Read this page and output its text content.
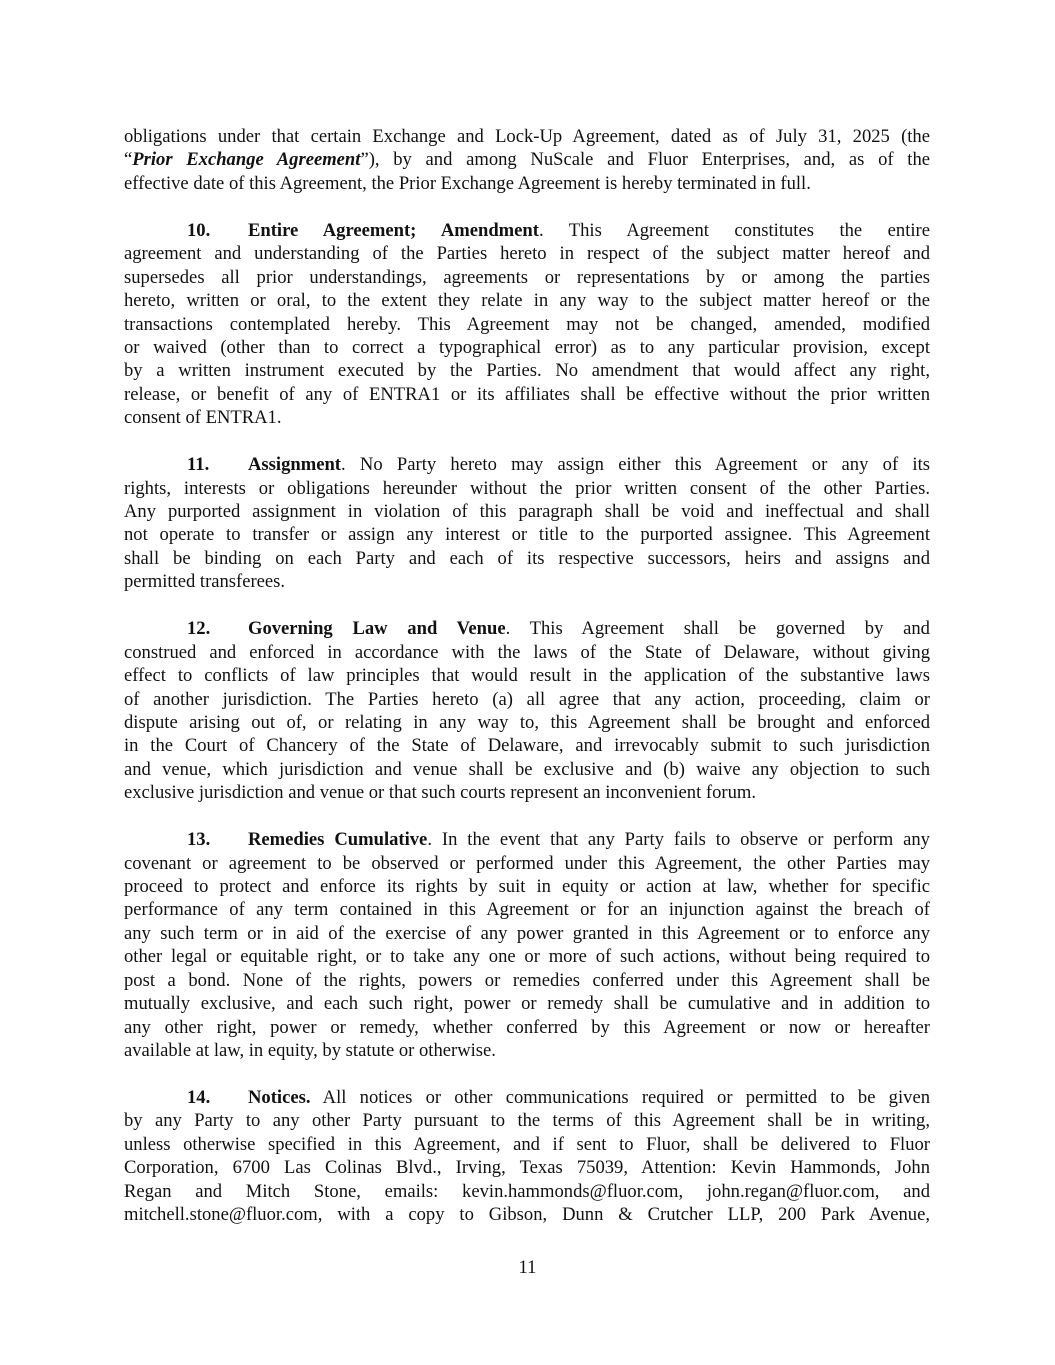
obligations under that certain Exchange and Lock-Up Agreement, dated as of July 31, 2025 (the
“Prior Exchange Agreement”), by and among NuScale and Fluor Enterprises, and, as of the
effective date of this Agreement, the Prior Exchange Agreement is hereby terminated in full.
10. Entire Agreement; Amendment. This Agreement constitutes the entire
agreement and understanding of the Parties hereto in respect of the subject matter hereof and
supersedes all prior understandings, agreements or representations by or among the parties
hereto, written or oral, to the extent they relate in any way to the subject matter hereof or the
transactions contemplated hereby. This Agreement may not be changed, amended, modified
or waived (other than to correct a typographical error) as to any particular provision, except
by a written instrument executed by the Parties. No amendment that would affect any right,
release, or benefit of any of ENTRA1 or its affiliates shall be effective without the prior written
consent of ENTRA1.
11. Assignment. No Party hereto may assign either this Agreement or any of its
rights, interests or obligations hereunder without the prior written consent of the other Parties.
Any purported assignment in violation of this paragraph shall be void and ineffectual and shall
not operate to transfer or assign any interest or title to the purported assignee. This Agreement
shall be binding on each Party and each of its respective successors, heirs and assigns and
permitted transferees.
12. Governing Law and Venue. This Agreement shall be governed by and
construed and enforced in accordance with the laws of the State of Delaware, without giving
effect to conflicts of law principles that would result in the application of the substantive laws
of another jurisdiction. The Parties hereto (a) all agree that any action, proceeding, claim or
dispute arising out of, or relating in any way to, this Agreement shall be brought and enforced
in the Court of Chancery of the State of Delaware, and irrevocably submit to such jurisdiction
and venue, which jurisdiction and venue shall be exclusive and (b) waive any objection to such
exclusive jurisdiction and venue or that such courts represent an inconvenient forum.
13. Remedies Cumulative. In the event that any Party fails to observe or perform any
covenant or agreement to be observed or performed under this Agreement, the other Parties may
proceed to protect and enforce its rights by suit in equity or action at law, whether for specific
performance of any term contained in this Agreement or for an injunction against the breach of
any such term or in aid of the exercise of any power granted in this Agreement or to enforce any
other legal or equitable right, or to take any one or more of such actions, without being required to
post a bond. None of the rights, powers or remedies conferred under this Agreement shall be
mutually exclusive, and each such right, power or remedy shall be cumulative and in addition to
any other right, power or remedy, whether conferred by this Agreement or now or hereafter
available at law, in equity, by statute or otherwise.
14. Notices. All notices or other communications required or permitted to be given
by any Party to any other Party pursuant to the terms of this Agreement shall be in writing,
unless otherwise specified in this Agreement, and if sent to Fluor, shall be delivered to Fluor
Corporation, 6700 Las Colinas Blvd., Irving, Texas 75039, Attention: Kevin Hammonds, John
Regan and Mitch Stone, emails: kevin.hammonds@fluor.com, john.regan@fluor.com, and
mitchell.stone@fluor.com, with a copy to Gibson, Dunn & Crutcher LLP, 200 Park Avenue,
11
